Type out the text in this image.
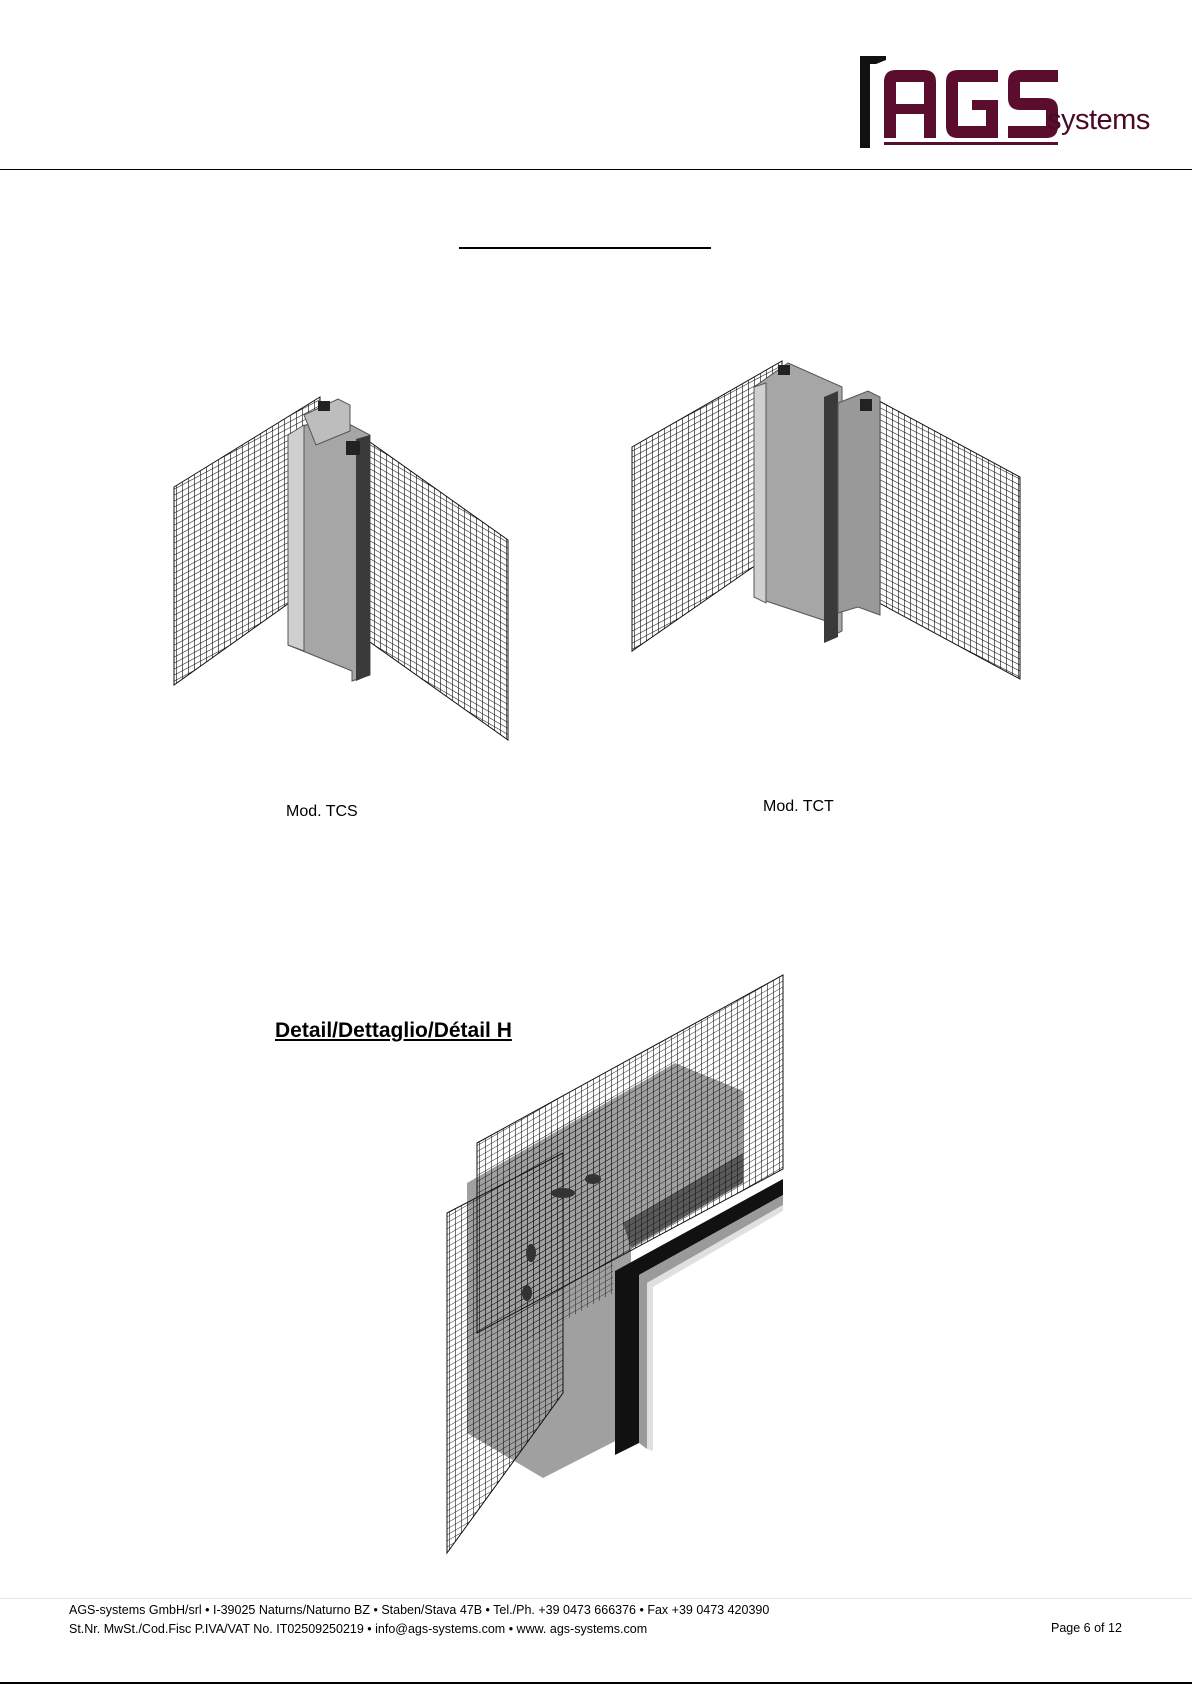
systems
Mod. TCS	Mod. TCT
Detail/Dettaglio/Détail H
AGS-systems GmbH/srl • I-39025 Naturns/Naturno BZ • Staben/Stava 47B • Tel./Ph. +39 0473 666376 • Fax +39 0473 420390
St.Nr. MwSt./Cod.Fisc P.IVA/VAT No. IT02509250219 • info@ags-systems.com • www. ags-systems.com	Page 6 of 12
